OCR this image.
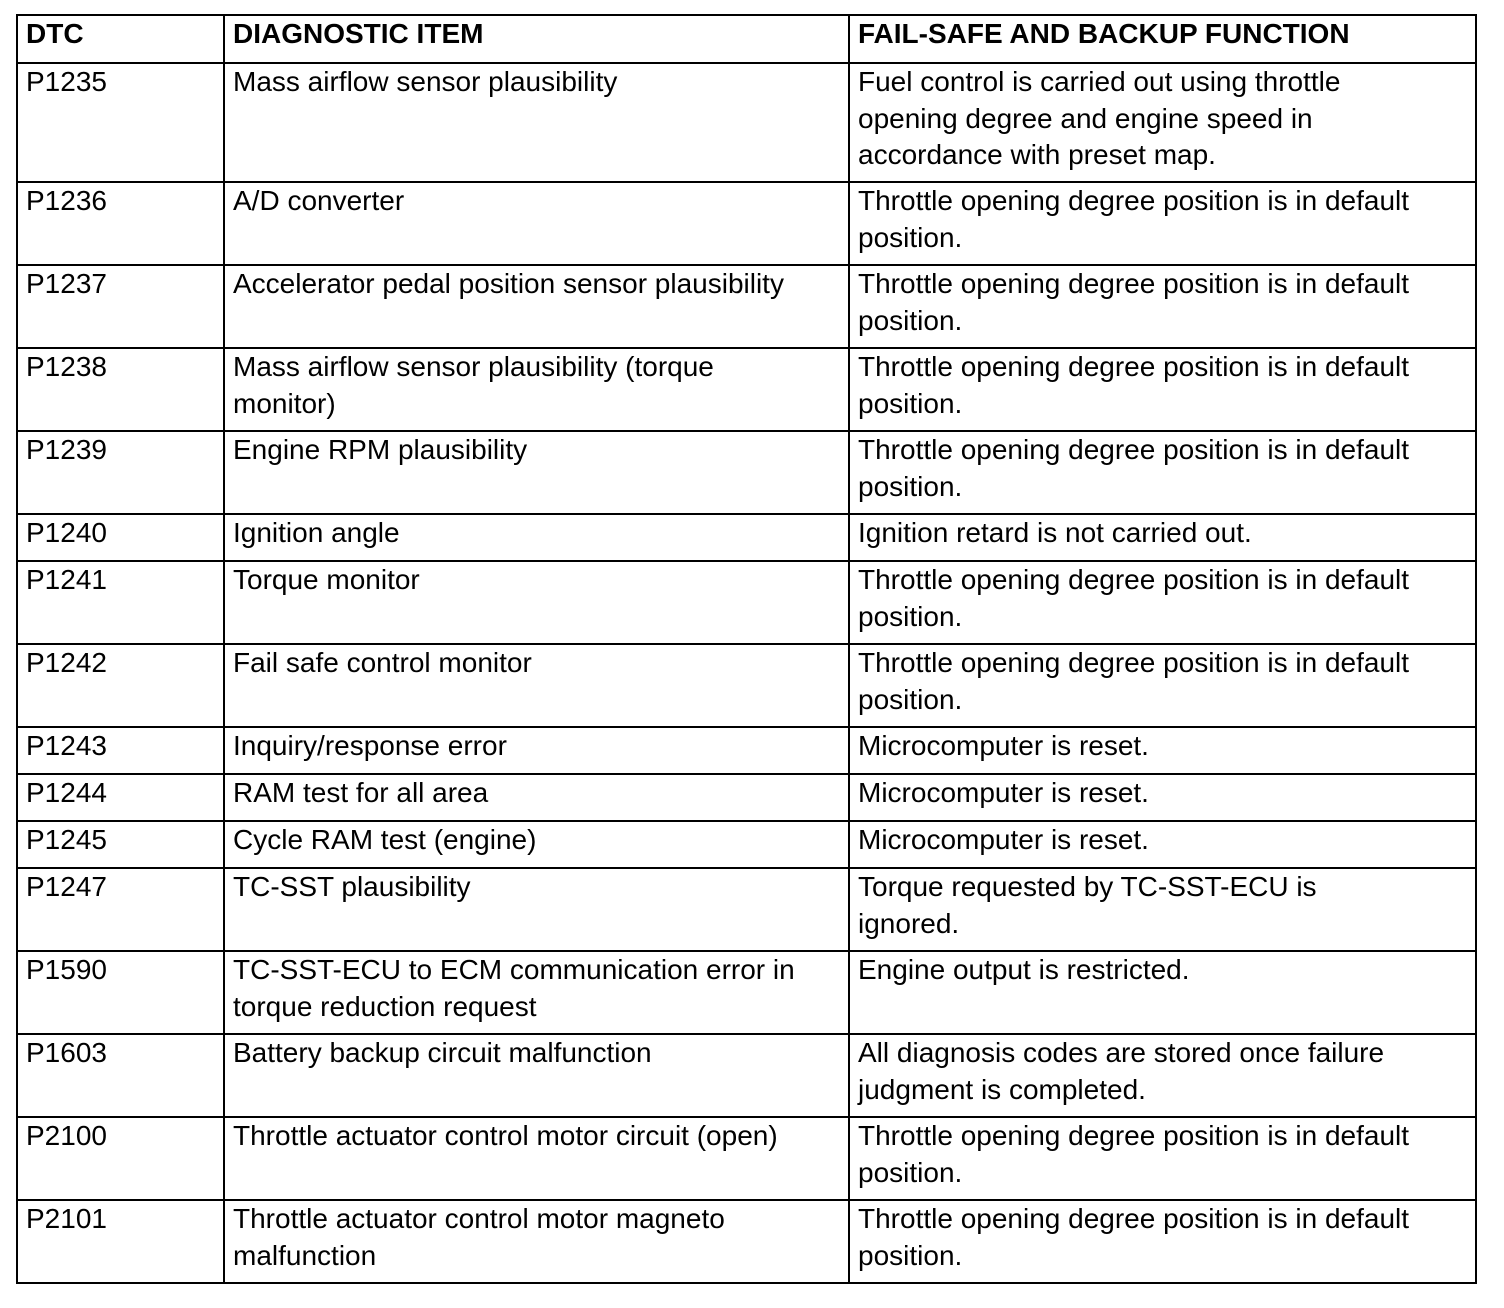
DTC	DIAGNOSTIC ITEM	FAIL-SAFE AND BACKUP FUNCTION
P1235	Mass airflow sensor plausibility	Fuel control is carried out using throttle
opening degree and engine speed in
accordance with preset map.

P1236	A/D converter	Throttle opening degree position is in default
position.

P1237	Accelerator pedal position sensor plausibility	Throttle opening degree position is in default
position.

P1238	Mass airflow sensor plausibility (torque
monitor)	Throttle opening degree position is in default
position.

P1239	Engine RPM plausibility	Throttle opening degree position is in default
position.

P1240	Ignition angle	Ignition retard is not carried out.

P1241	Torque monitor	Throttle opening degree position is in default
position.

P1242	Fail safe control monitor	Throttle opening degree position is in default
position.

P1243	Inquiry/response error	Microcomputer is reset.

P1244	RAM test for all area	Microcomputer is reset.

P1245	Cycle RAM test (engine)	Microcomputer is reset.

P1247	TC-SST plausibility	Torque requested by TC-SST-ECU is
ignored.

P1590	TC-SST-ECU to ECM communication error in
torque reduction request	Engine output is restricted.

P1603	Battery backup circuit malfunction	All diagnosis codes are stored once failure
judgment is completed.

P2100	Throttle actuator control motor circuit (open)	Throttle opening degree position is in default
position.

P2101	Throttle actuator control motor magneto
malfunction	Throttle opening degree position is in default
position.
